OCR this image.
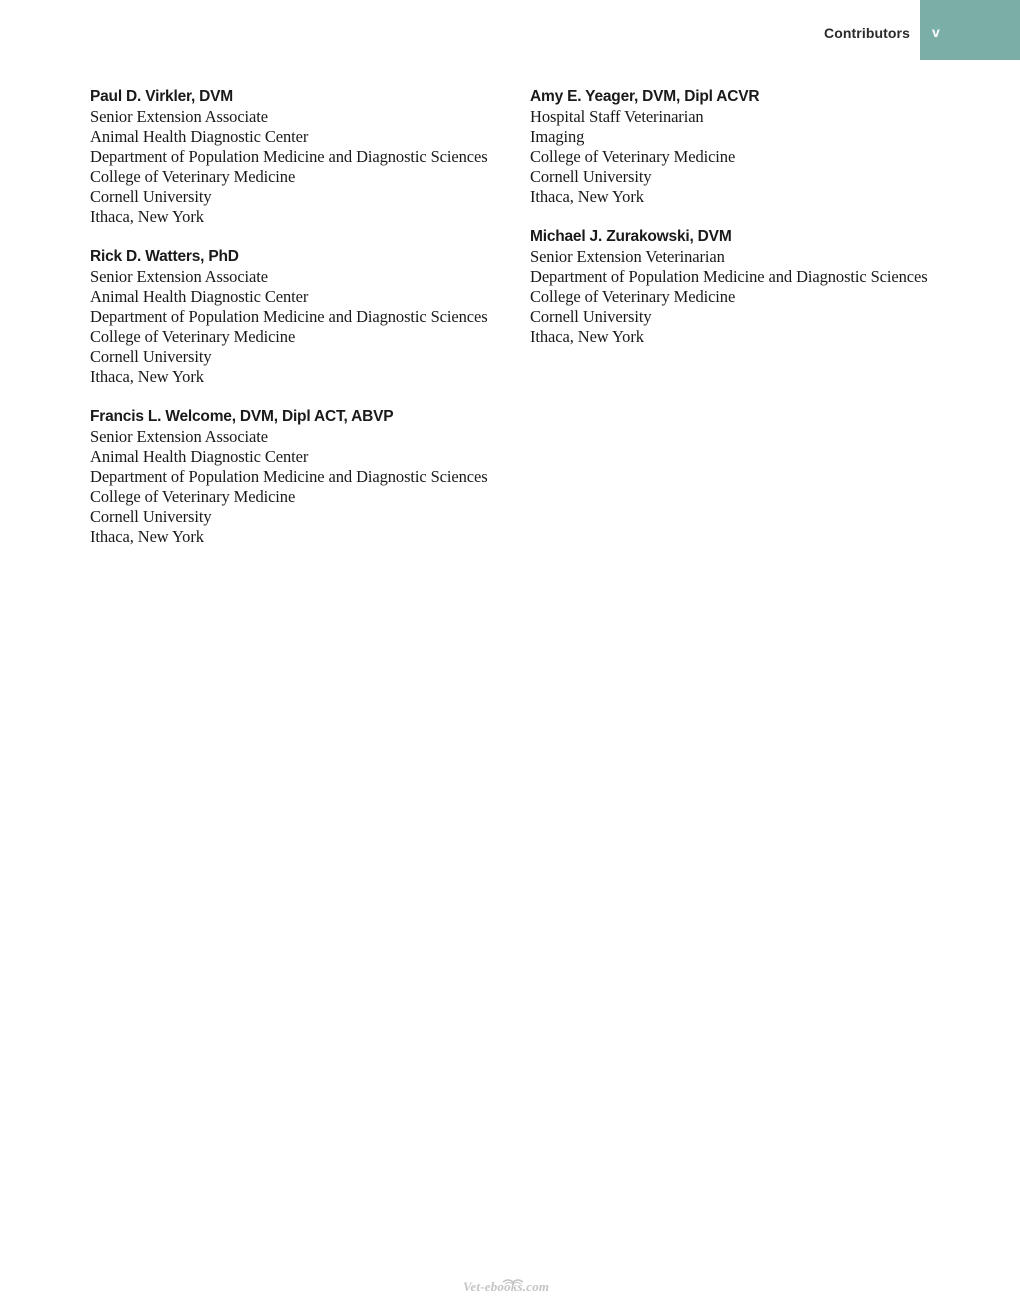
Contributors v
Paul D. Virkler, DVM
Senior Extension Associate
Animal Health Diagnostic Center
Department of Population Medicine and Diagnostic Sciences
College of Veterinary Medicine
Cornell University
Ithaca, New York
Rick D. Watters, PhD
Senior Extension Associate
Animal Health Diagnostic Center
Department of Population Medicine and Diagnostic Sciences
College of Veterinary Medicine
Cornell University
Ithaca, New York
Francis L. Welcome, DVM, Dipl ACT, ABVP
Senior Extension Associate
Animal Health Diagnostic Center
Department of Population Medicine and Diagnostic Sciences
College of Veterinary Medicine
Cornell University
Ithaca, New York
Amy E. Yeager, DVM, Dipl ACVR
Hospital Staff Veterinarian
Imaging
College of Veterinary Medicine
Cornell University
Ithaca, New York
Michael J. Zurakowski, DVM
Senior Extension Veterinarian
Department of Population Medicine and Diagnostic Sciences
College of Veterinary Medicine
Cornell University
Ithaca, New York
Vet-ebooks.com
